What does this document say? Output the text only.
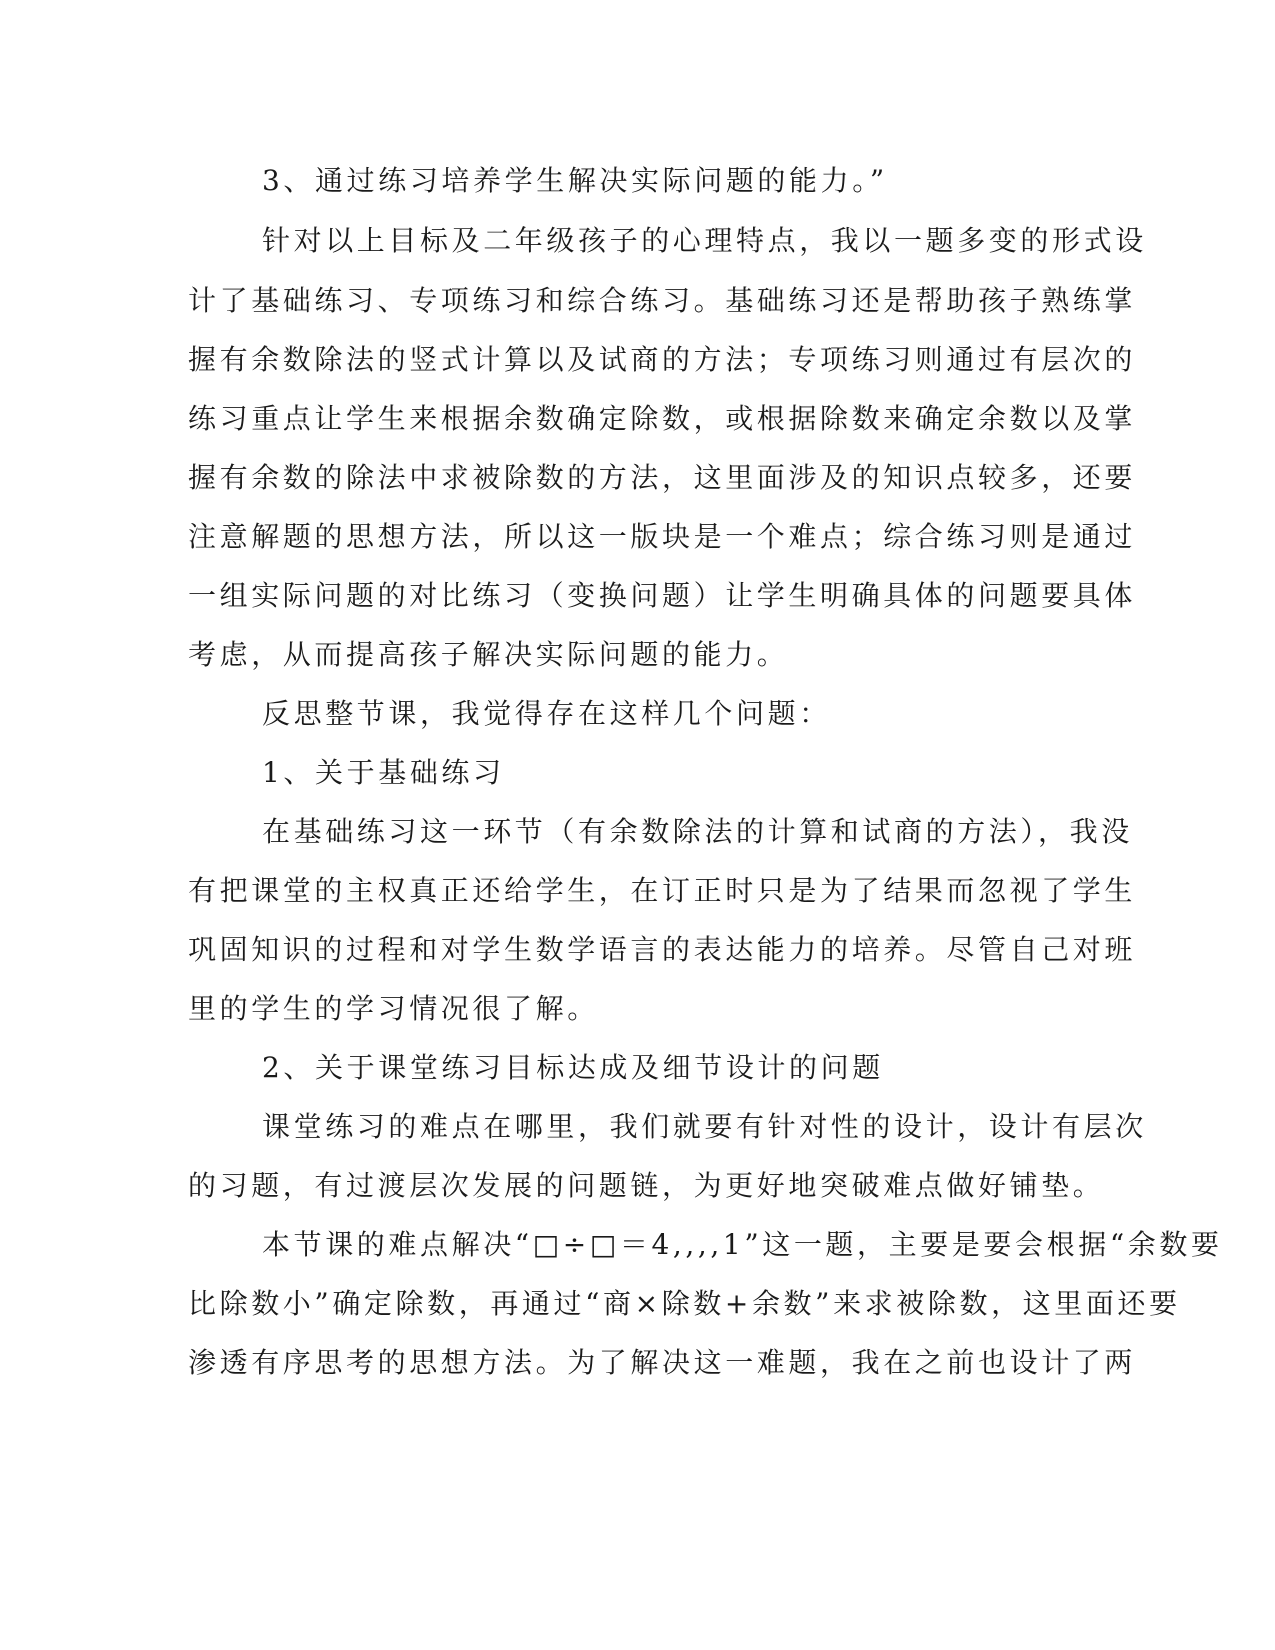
3、通过练习培养学生解决实际问题的能力。”
针对以上目标及二年级孩子的心理特点，我以一题多变的形式设
计了基础练习、专项练习和综合练习。基础练习还是帮助孩子熟练掌
握有余数除法的竖式计算以及试商的方法；专项练习则通过有层次的
练习重点让学生来根据余数确定除数，或根据除数来确定余数以及掌
握有余数的除法中求被除数的方法，这里面涉及的知识点较多，还要
注意解题的思想方法，所以这一版块是一个难点；综合练习则是通过
一组实际问题的对比练习（变换问题）让学生明确具体的问题要具体
考虑，从而提高孩子解决实际问题的能力。
反思整节课，我觉得存在这样几个问题：
1、关于基础练习
在基础练习这一环节（有余数除法的计算和试商的方法），我没
有把课堂的主权真正还给学生，在订正时只是为了结果而忽视了学生
巩固知识的过程和对学生数学语言的表达能力的培养。尽管自己对班
里的学生的学习情况很了解。
2、关于课堂练习目标达成及细节设计的问题
课堂练习的难点在哪里，我们就要有针对性的设计，设计有层次
的习题，有过渡层次发展的问题链，为更好地突破难点做好铺垫。
本节课的难点解决“□÷□＝4,,,,1”这一题，主要是要会根据“余数要
比除数小”确定除数，再通过“商×除数+余数”来求被除数，这里面还要
渗透有序思考的思想方法。为了解决这一难题，我在之前也设计了两
